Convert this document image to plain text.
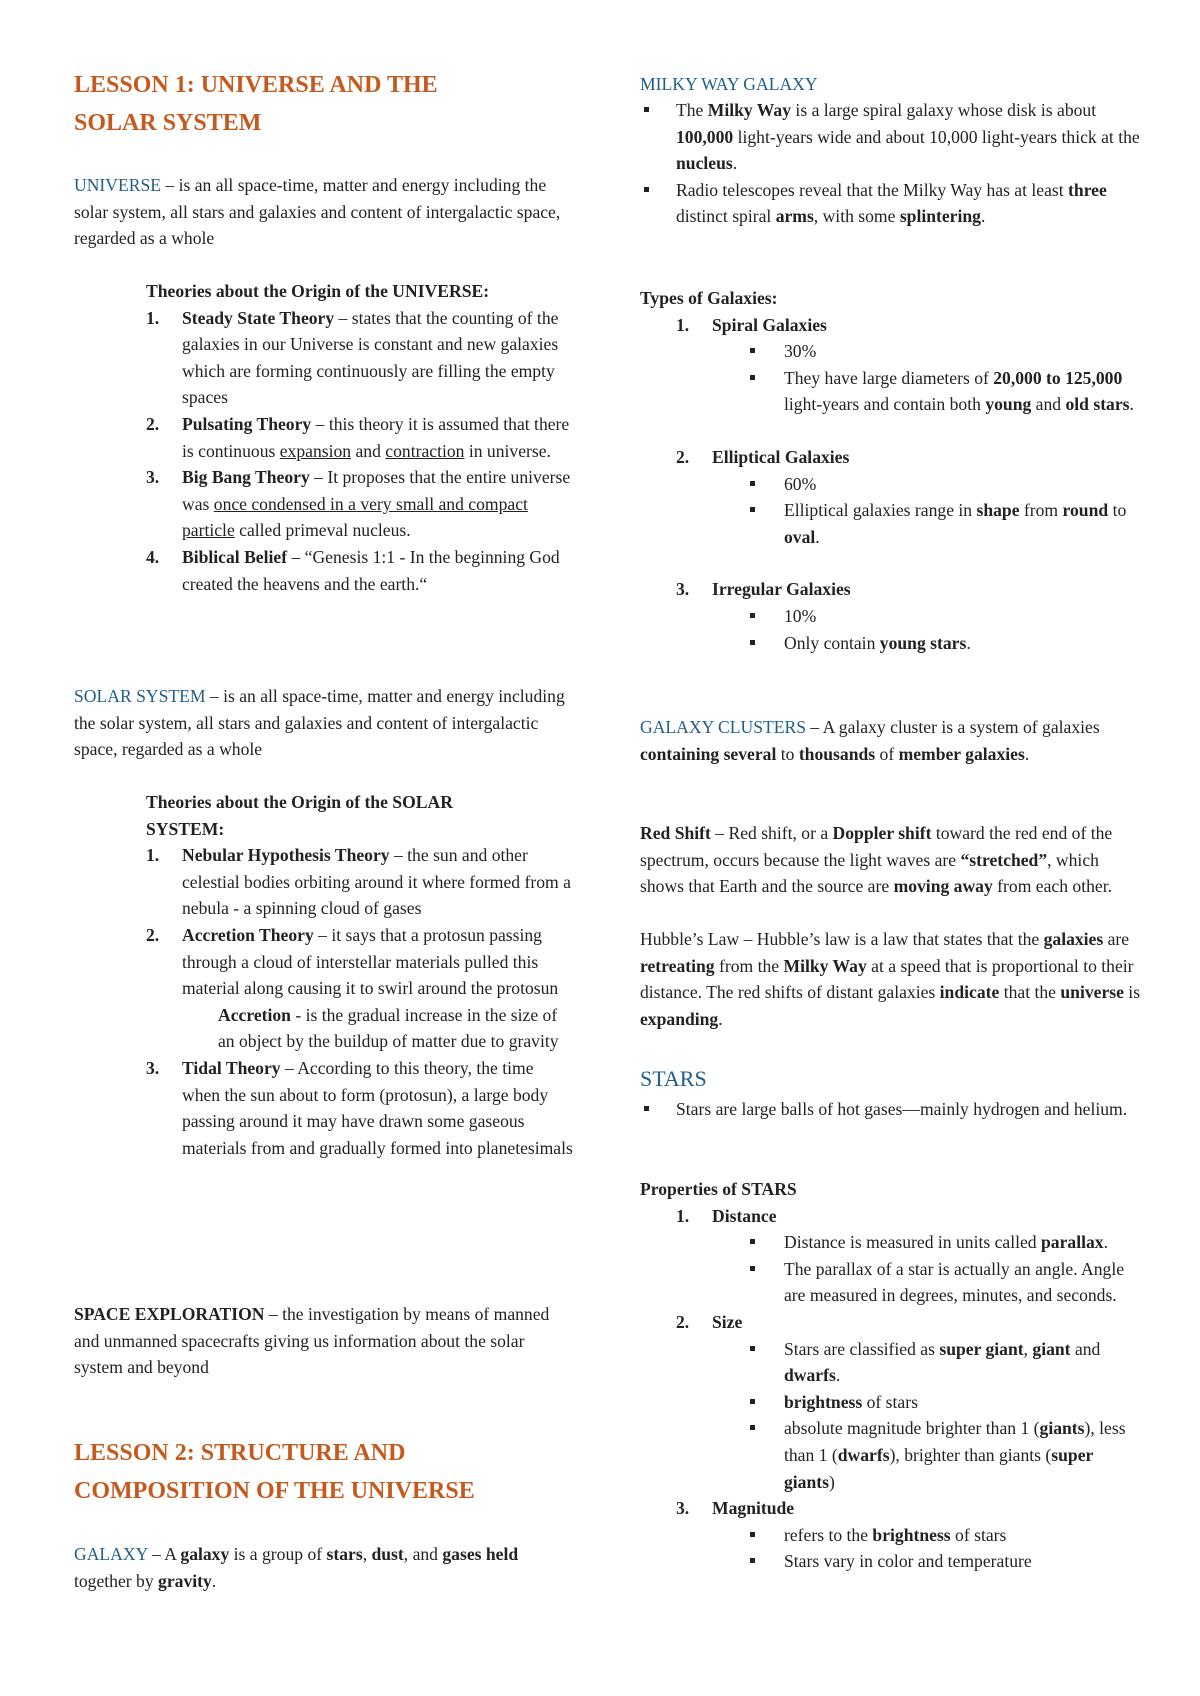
LESSON 1: UNIVERSE AND THE
SOLAR SYSTEM

UNIVERSE – is an all space-time, matter and energy including the solar system, all stars and galaxies and content of intergalactic space, regarded as a whole

Theories about the Origin of the UNIVERSE:

1. Steady State Theory – states that the counting of the galaxies in our Universe is constant and new galaxies which are forming continuously are filling the empty spaces
2. Pulsating Theory – this theory it is assumed that there is continuous expansion and contraction in universe.
3. Big Bang Theory – It proposes that the entire universe was once condensed in a very small and compact particle called primeval nucleus.
4. Biblical Belief – “Genesis 1:1 - In the beginning God created the heavens and the earth.“

SOLAR SYSTEM – is an all space-time, matter and energy including the solar system, all stars and galaxies and content of intergalactic space, regarded as a whole

Theories about the Origin of the SOLAR SYSTEM:

1. Nebular Hypothesis Theory – the sun and other celestial bodies orbiting around it where formed from a nebula - a spinning cloud of gases
2. Accretion Theory – it says that a protosun passing through a cloud of interstellar materials pulled this material along causing it to swirl around the protosun
Accretion - is the gradual increase in the size of an object by the buildup of matter due to gravity
3. Tidal Theory – According to this theory, the time when the sun about to form (protosun), a large body passing around it may have drawn some gaseous materials from and gradually formed into planetesimals

SPACE EXPLORATION – the investigation by means of manned and unmanned spacecrafts giving us information about the solar system and beyond

LESSON 2: STRUCTURE AND
COMPOSITION OF THE UNIVERSE

GALAXY – A galaxy is a group of stars, dust, and gases held together by gravity.

MILKY WAY GALAXY

The Milky Way is a large spiral galaxy whose disk is about 100,000 light-years wide and about 10,000 light-years thick at the nucleus.
Radio telescopes reveal that the Milky Way has at least three distinct spiral arms, with some splintering.

Types of Galaxies:

1. Spiral Galaxies
30%
They have large diameters of 20,000 to 125,000 light-years and contain both young and old stars.
2. Elliptical Galaxies
60%
Elliptical galaxies range in shape from round to oval.
3. Irregular Galaxies
10%
Only contain young stars.

GALAXY CLUSTERS – A galaxy cluster is a system of galaxies containing several to thousands of member galaxies.

Red Shift – Red shift, or a Doppler shift toward the red end of the spectrum, occurs because the light waves are “stretched”, which shows that Earth and the source are moving away from each other.

Hubble’s Law – Hubble’s law is a law that states that the galaxies are retreating from the Milky Way at a speed that is proportional to their distance. The red shifts of distant galaxies indicate that the universe is expanding.

STARS
Stars are large balls of hot gases—mainly hydrogen and helium.

Properties of STARS

1. Distance
Distance is measured in units called parallax.
The parallax of a star is actually an angle. Angle are measured in degrees, minutes, and seconds.
2. Size
Stars are classified as super giant, giant and dwarfs.
brightness of stars
absolute magnitude brighter than 1 (giants), less than 1 (dwarfs), brighter than giants (super giants)
3. Magnitude
refers to the brightness of stars
Stars vary in color and temperature
